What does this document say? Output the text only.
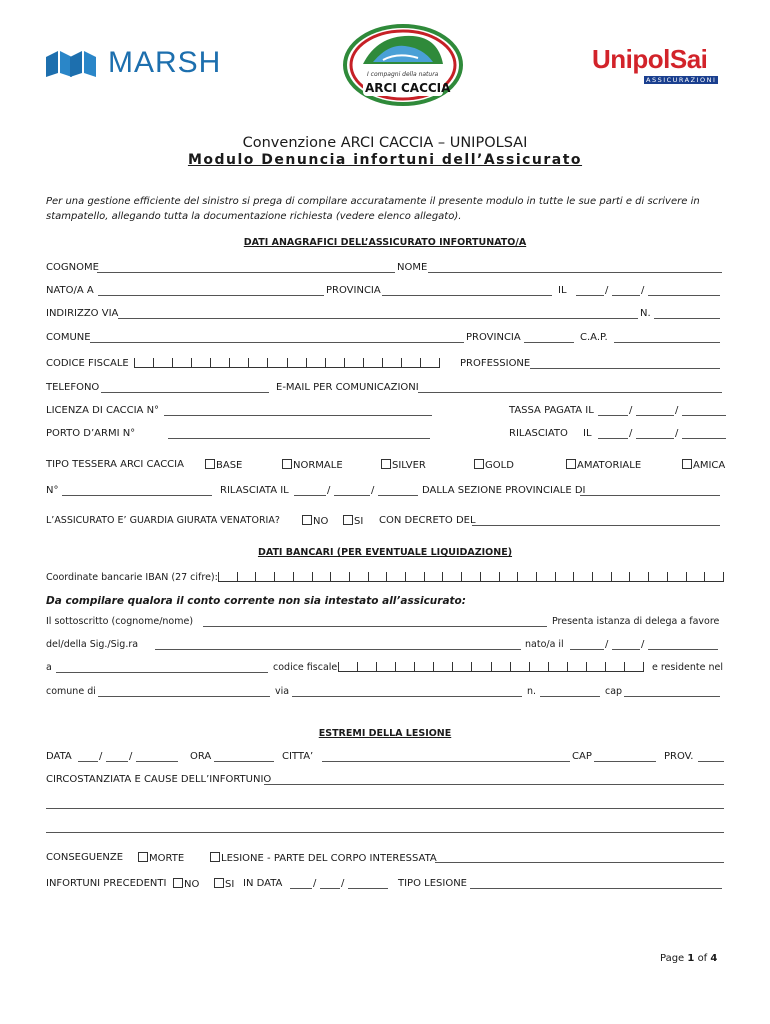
MARSH	I compagni della natura
ARCI CACCIA
UnipolSai
ASSICURAZIONI
Convenzione ARCI CACCIA – UNIPOLSAI
Modulo Denuncia infortuni dell’Assicurato
Per una gestione efficiente del sinistro si prega di compilare accuratamente il presente modulo in tutte le sue parti e di scrivere in stampatello, allegando tutta la documentazione richiesta (vedere elenco allegato).
DATI ANAGRAFICI DELL’ASSICURATO INFORTUNATO/A
COGNOME	NOME
NATO/A A	PROVINCIA	IL	/	/
INDIRIZZO VIA	N.
COMUNE	PROVINCIA	C.A.P.
CODICE FISCALE	PROFESSIONE
TELEFONO	E-MAIL PER COMUNICAZIONI
LICENZA DI CACCIA N°	TASSA PAGATA IL	/	/
PORTO D’ARMI N°	RILASCIATO IL	/	/
TIPO TESSERA ARCI CACCIA	BASE	NORMALE	SILVER	GOLD	AMATORIALE	AMICA
N°	RILASCIATA IL	/	/	DALLA SEZIONE PROVINCIALE DI
L’ASSICURATO E’ GUARDIA GIURATA VENATORIA?	NO	SI CON DECRETO DEL
DATI BANCARI (PER EVENTUALE LIQUIDAZIONE)
Coordinate bancarie IBAN (27 cifre):
Da compilare qualora il conto corrente non sia intestato all’assicurato:
Il sottoscritto (cognome/nome)	Presenta istanza di delega a favore
del/della Sig./Sig.ra	nato/a il	/	/
a	codice fiscale	e residente nel
comune di	via	n.	cap
ESTREMI DELLA LESIONE
DATA	/	/	ORA	CITTA’	CAP	PROV.
CIRCOSTANZIATA E CAUSE DELL’INFORTUNIO
CONSEGUENZE	MORTE	LESIONE - PARTE DEL CORPO INTERESSATA
INFORTUNI PRECEDENTI	NO	SI IN DATA	/ /	TIPO LESIONE
Page 1 of 4
